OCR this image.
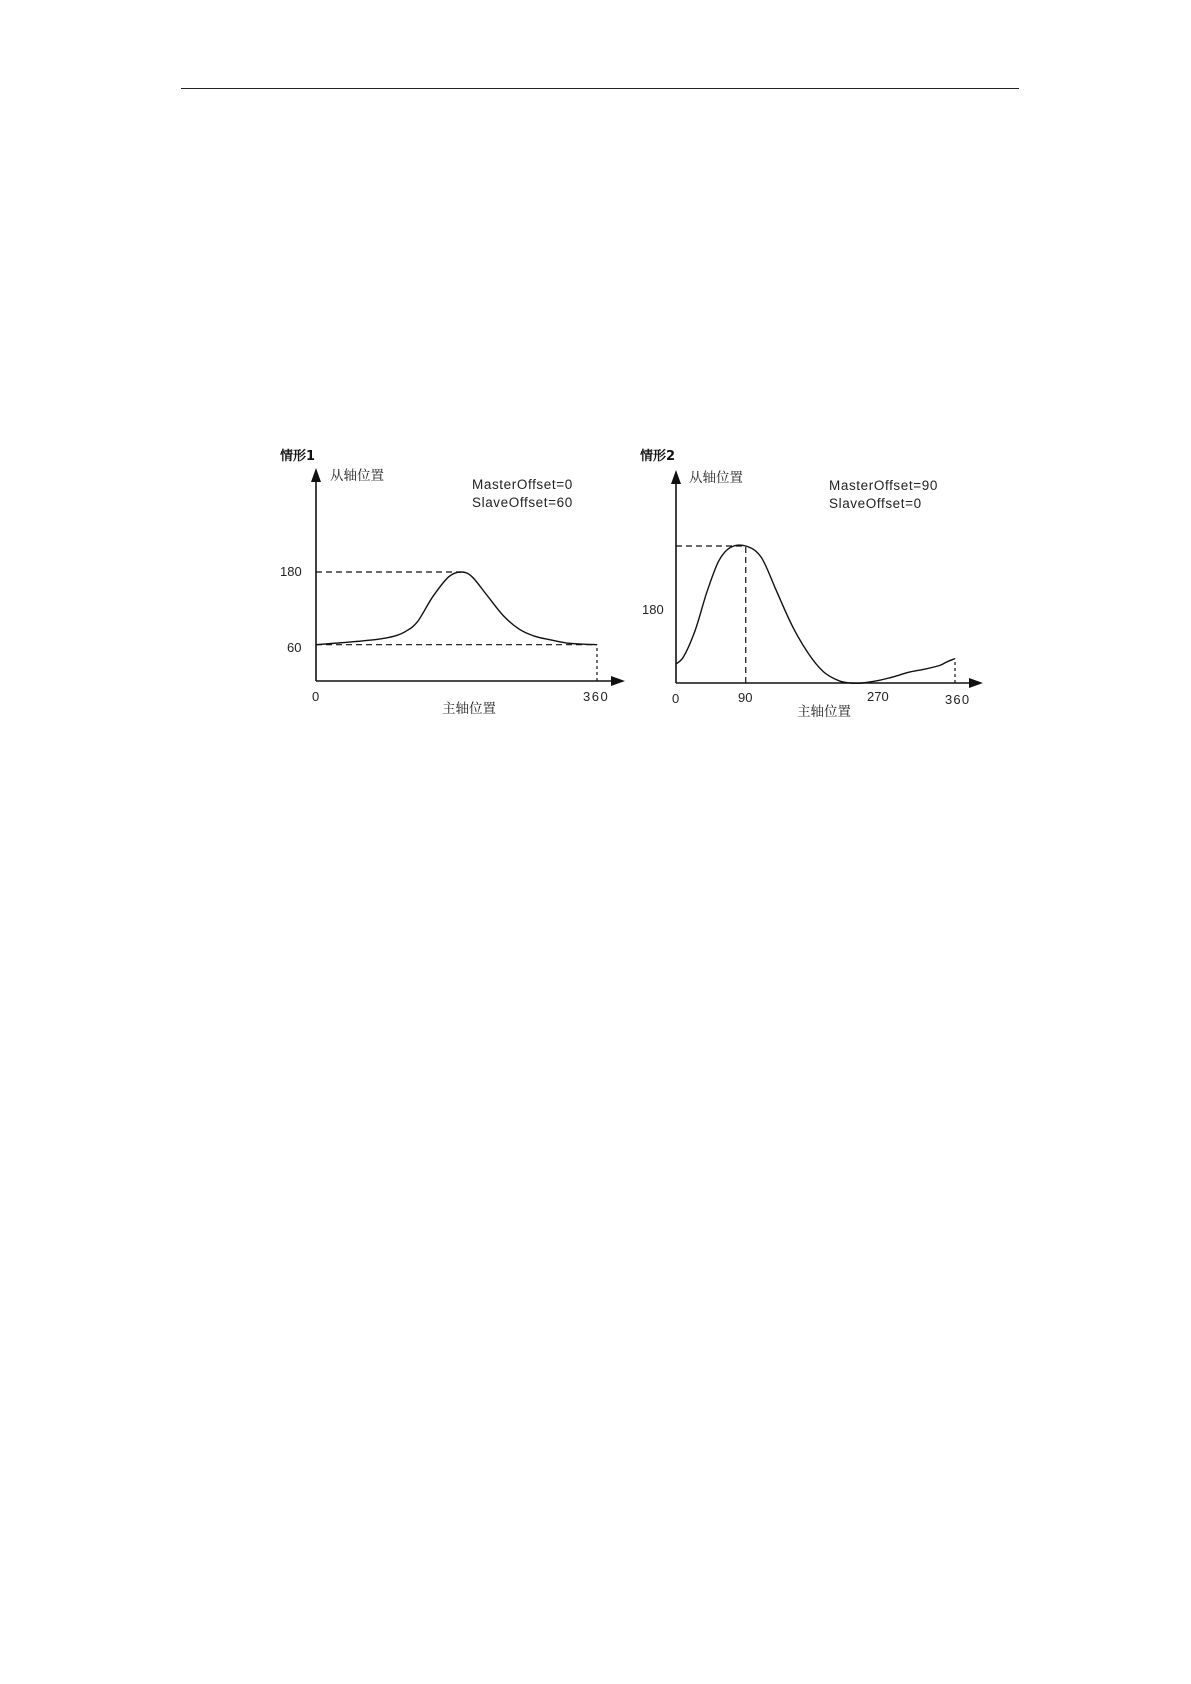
情形1
从轴位置
主轴位置
MasterOffset=0
SlaveOffset=60
180
60
0	360
情形2
从轴位置
主轴位置
MasterOffset=90
SlaveOffset=0
180
0	90	270	360
